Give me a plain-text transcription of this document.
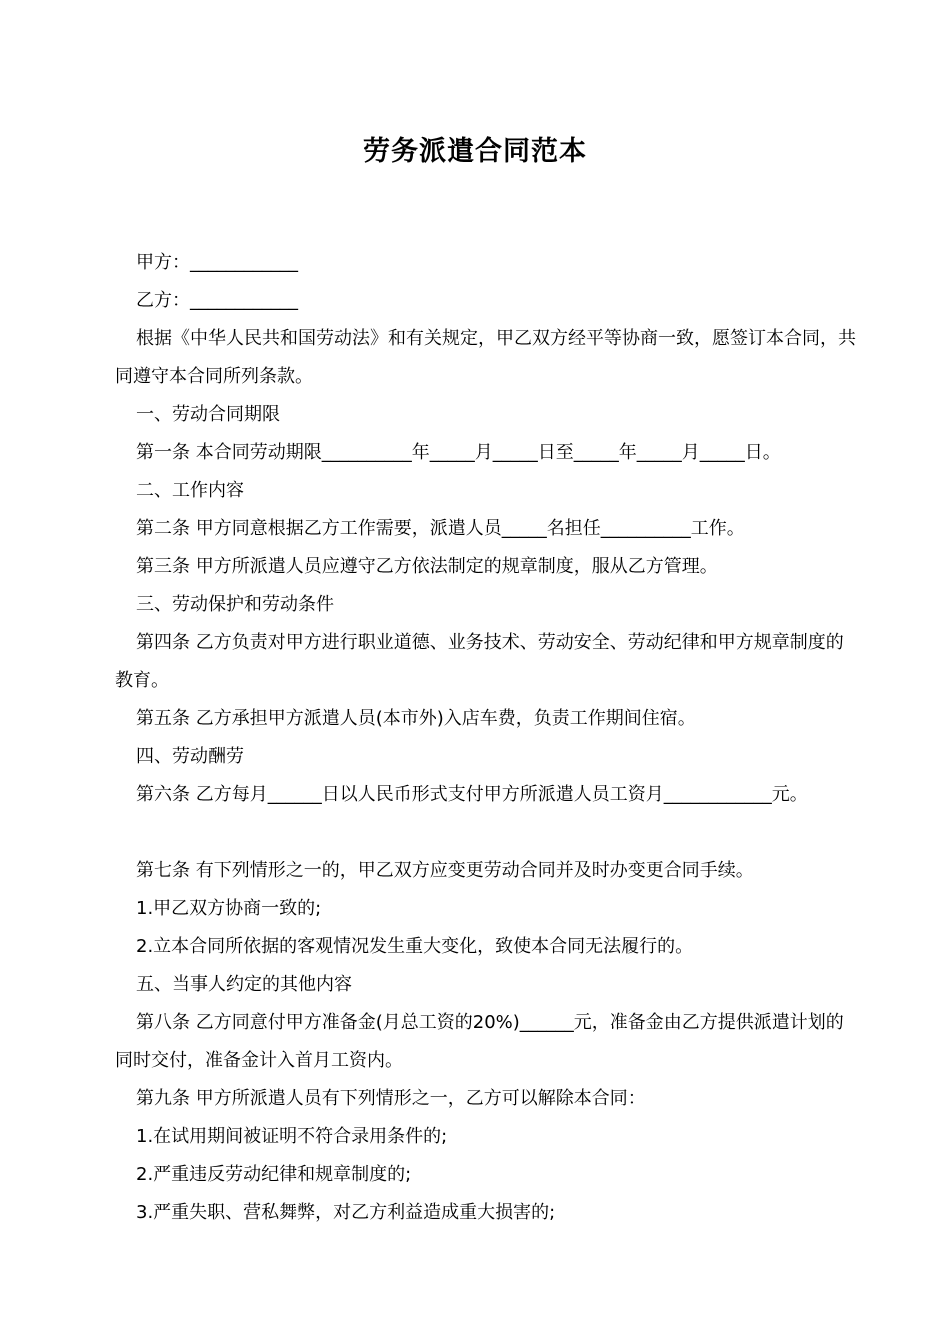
劳务派遣合同范本

甲方：____________

乙方：____________

根据《中华人民共和国劳动法》和有关规定，甲乙双方经平等协商一致，愿签订本合同，共同遵守本合同所列条款。

一、劳动合同期限

第一条 本合同劳动期限__________年_____月_____日至_____年_____月_____日。

二、工作内容

第二条 甲方同意根据乙方工作需要，派遣人员_____名担任__________工作。

第三条 甲方所派遣人员应遵守乙方依法制定的规章制度，服从乙方管理。

三、劳动保护和劳动条件

第四条 乙方负责对甲方进行职业道德、业务技术、劳动安全、劳动纪律和甲方规章制度的教育。

第五条 乙方承担甲方派遣人员(本市外)入店车费，负责工作期间住宿。

四、劳动酬劳

第六条 乙方每月______日以人民币形式支付甲方所派遣人员工资月____________元。

第七条 有下列情形之一的，甲乙双方应变更劳动合同并及时办变更合同手续。

1.甲乙双方协商一致的;

2.立本合同所依据的客观情况发生重大变化，致使本合同无法履行的。

五、当事人约定的其他内容

第八条 乙方同意付甲方准备金(月总工资的20%)______元，准备金由乙方提供派遣计划的同时交付，准备金计入首月工资内。

第九条 甲方所派遣人员有下列情形之一，乙方可以解除本合同：

1.在试用期间被证明不符合录用条件的;

2.严重违反劳动纪律和规章制度的;

3.严重失职、营私舞弊，对乙方利益造成重大损害的;
